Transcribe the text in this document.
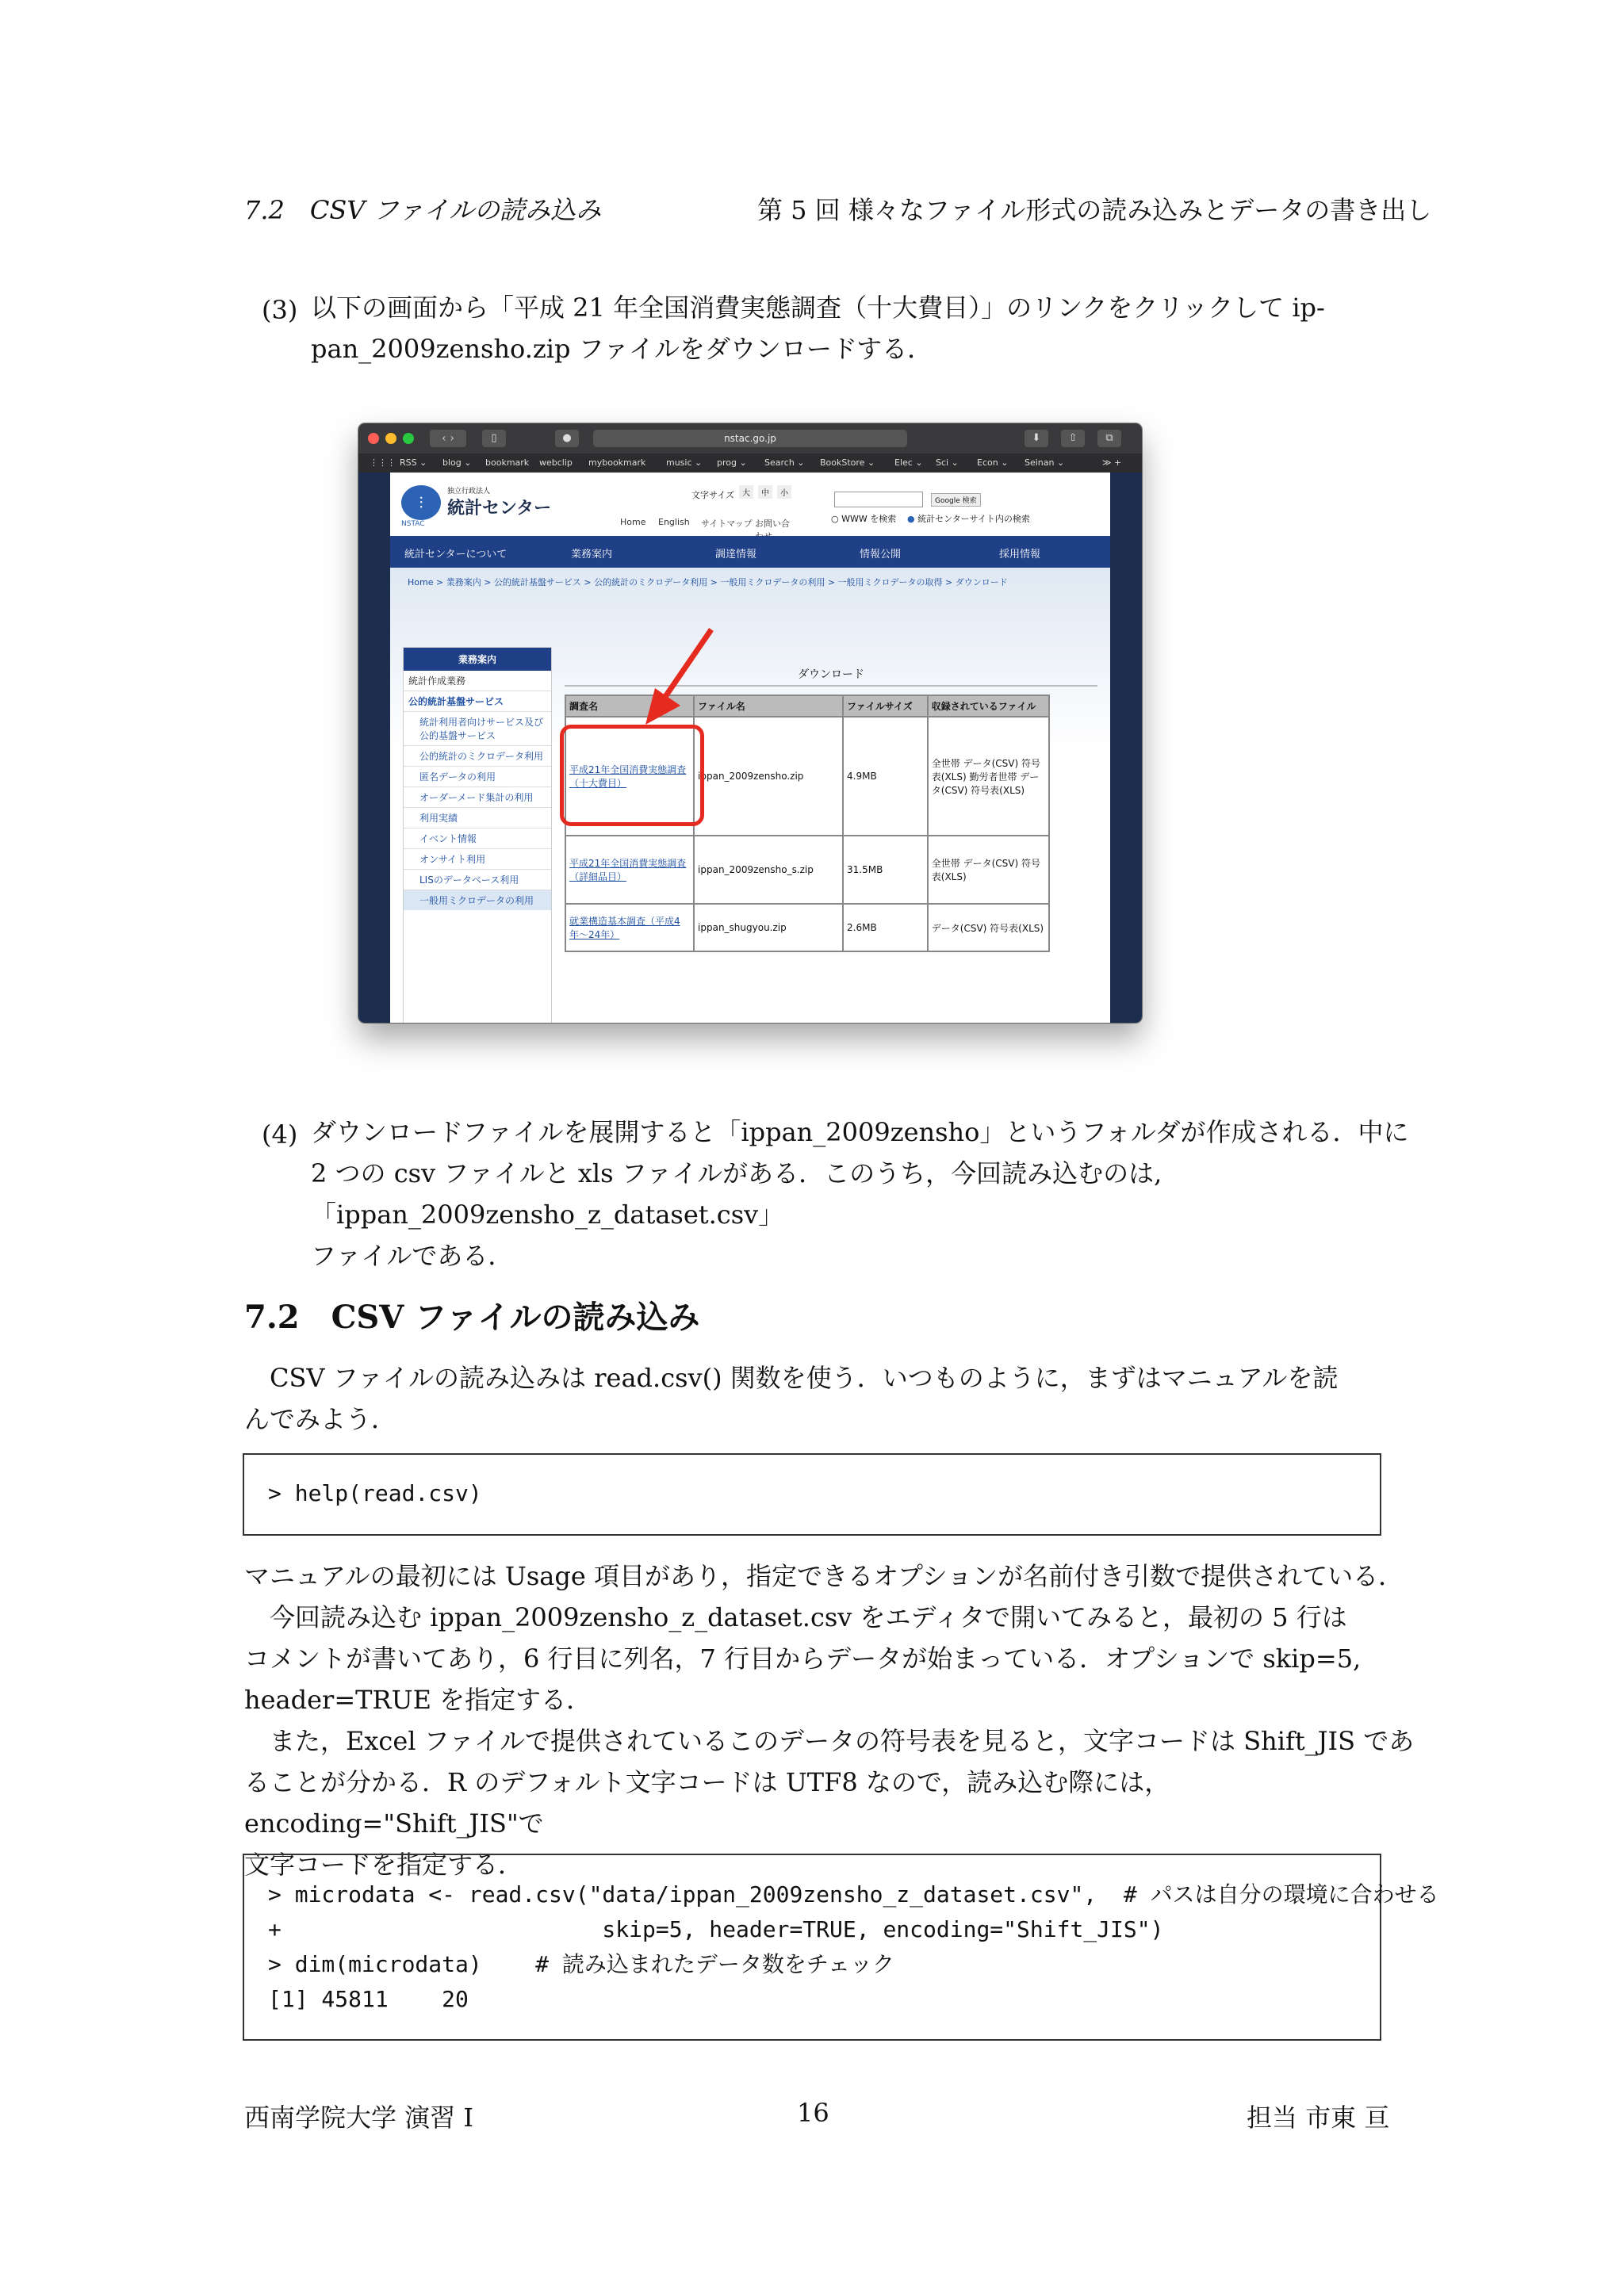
7.2　CSV ファイルの読み込み	第 5 回 様々なファイル形式の読み込みとデータの書き出し
(3) 以下の画面から「平成 21 年全国消費実態調査（十大費目）」のリンクをクリックして ip-
pan_2009zensho.zip ファイルをダウンロードする．
‹ ›	▯	●	nstac.go.jp	⬇	⇧	⧉
⋮⋮⋮ RSS ⌄ blog ⌄ bookmark webclip mybookmark music ⌄ prog ⌄ Search ⌄ BookStore ⌄ Elec ⌄ Sci ⌄ Econ ⌄ Seinan ⌄	≫ +
⫶
NSTAC
独立行政法人
統計センター
文字サイズ 大	中	小
Home English サイトマップ お問い合
Google 検索
○ WWW を検索 ● 統計センターサイト内の検索
統計センターについて	業務案内	調達情報	情報公開	採用情報
Home > 業務案内 > 公的統計基盤サービス > 公的統計のミクロデータ利用 > 一般用ミクロデータの利用 > 一般用ミクロデータの取得 > ダウンロード
業務案内
統計作成業務
公的統計基盤サービス
統計利用者向けサービス及び公的基盤サービス
公的統計のミクロデータ利用
匿名データの利用
オーダーメード集計の利用
利用実績
イベント情報
オンサイト利用
LISのデータベース利用
一般用ミクロデータの利用
ダウンロード
調査名	ファイル名	ファイルサイズ	収録されているファイル
平成21年全国消費実態調査（十大費目）	ippan_2009zensho.zip	4.9MB	全世帯 データ(CSV) 符号表(XLS) 勤労者世帯 データ(CSV) 符号表(XLS)
平成21年全国消費実態調査（詳細品目）	ippan_2009zensho_s.zip	31.5MB	全世帯 データ(CSV) 符号表(XLS)
就業構造基本調査（平成4年〜24年）	ippan_shugyou.zip	2.6MB	データ(CSV) 符号表(XLS)
(4) ダウンロードファイルを展開すると「ippan_2009zensho」というフォルダが作成される．中に
2 つの csv ファイルと xls ファイルがある．このうち，今回読み込むのは,「ippan_2009zensho_z_dataset.csv」
ファイルである．
7.2　CSV ファイルの読み込み
CSV ファイルの読み込みは read.csv() 関数を使う．いつものように，まずはマニュアルを読
んでみよう．
> help(read.csv)
マニュアルの最初には Usage 項目があり，指定できるオプションが名前付き引数で提供されている．
今回読み込む ippan_2009zensho_z_dataset.csv をエディタで開いてみると，最初の 5 行は
コメントが書いてあり，6 行目に列名，7 行目からデータが始まっている．オプションで skip=5,
header=TRUE を指定する．
また，Excel ファイルで提供されているこのデータの符号表を見ると，文字コードは Shift_JIS であ
ることが分かる．R のデフォルト文字コードは UTF8 なので，読み込む際には，encoding="Shift_JIS"で
文字コードを指定する．
> microdata <- read.csv("data/ippan_2009zensho_z_dataset.csv",  # パスは自分の環境に合わせる
+                        skip=5, header=TRUE, encoding="Shift_JIS")
> dim(microdata)    # 読み込まれたデータ数をチェック
[1] 45811    20
西南学院大学 演習 I	16	担当 市東 亘
